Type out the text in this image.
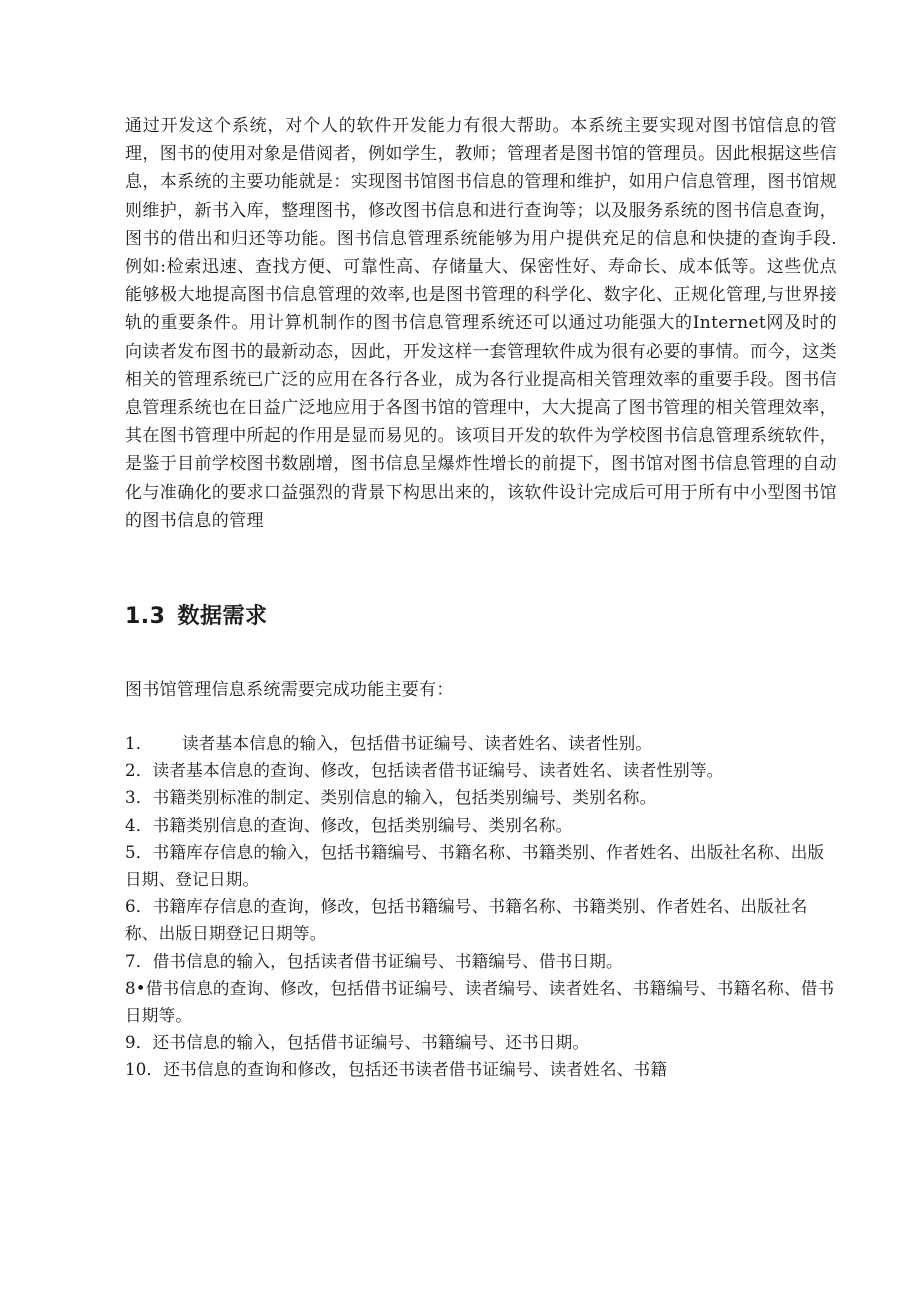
通过开发这个系统，对个人的软件开发能力有很大帮助。本系统主要实现对图书馆信息的管理，图书的使用对象是借阅者，例如学生，教师；管理者是图书馆的管理员。因此根据这些信息，本系统的主要功能就是：实现图书馆图书信息的管理和维护，如用户信息管理，图书馆规则维护，新书入库，整理图书，修改图书信息和进行查询等；以及服务系统的图书信息查询，图书的借出和归还等功能。图书信息管理系统能够为用户提供充足的信息和快捷的查询手段.例如:检索迅速、查找方便、可靠性高、存储量大、保密性好、寿命长、成本低等。这些优点能够极大地提高图书信息管理的效率,也是图书管理的科学化、数字化、正规化管理,与世界接轨的重要条件。用计算机制作的图书信息管理系统还可以通过功能强大的Internet网及时的向读者发布图书的最新动态，因此，开发这样一套管理软件成为很有必要的事情。而今，这类相关的管理系统已广泛的应用在各行各业，成为各行业提高相关管理效率的重要手段。图书信息管理系统也在日益广泛地应用于各图书馆的管理中，大大提高了图书管理的相关管理效率，其在图书管理中所起的作用是显而易见的。该项目开发的软件为学校图书信息管理系统软件，是鉴于目前学校图书数剧增，图书信息呈爆炸性增长的前提下，图书馆对图书信息管理的自动化与准确化的要求口益强烈的背景下构思出来的，该软件设计完成后可用于所有中小型图书馆的图书信息的管理

1.3 数据需求

图书馆管理信息系统需要完成功能主要有：

1． 读者基本信息的输入，包括借书证编号、读者姓名、读者性别。
2．读者基本信息的查询、修改，包括读者借书证编号、读者姓名、读者性别等。
3．书籍类别标准的制定、类别信息的输入，包括类别编号、类别名称。
4．书籍类别信息的查询、修改，包括类别编号、类别名称。
5．书籍库存信息的输入，包括书籍编号、书籍名称、书籍类别、作者姓名、出版社名称、出版日期、登记日期。
6．书籍库存信息的查询，修改，包括书籍编号、书籍名称、书籍类别、作者姓名、出版社名称、出版日期登记日期等。
7．借书信息的输入，包括读者借书证编号、书籍编号、借书日期。
8•借书信息的查询、修改，包括借书证编号、读者编号、读者姓名、书籍编号、书籍名称、借书日期等。
9．还书信息的输入，包括借书证编号、书籍编号、还书日期。
10．还书信息的查询和修改，包括还书读者借书证编号、读者姓名、书籍
